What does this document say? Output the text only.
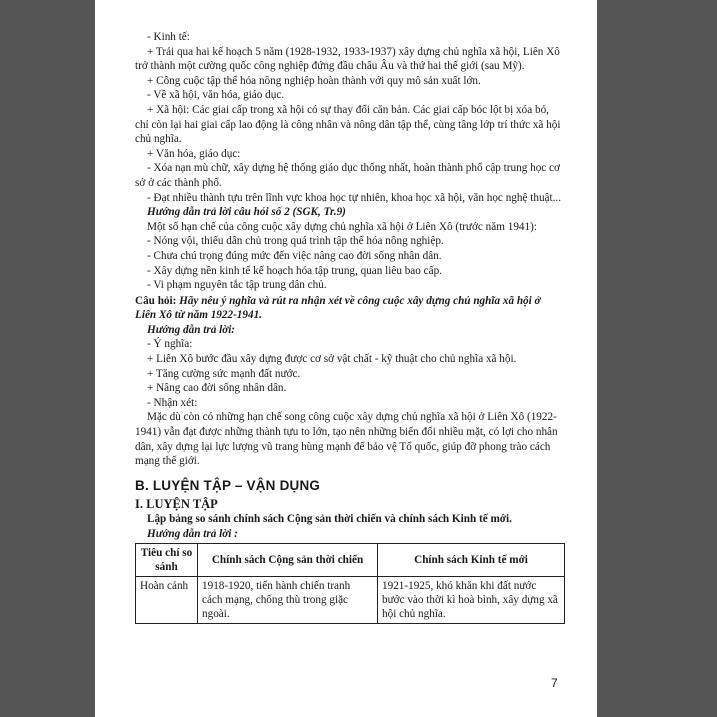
- Kinh tế:

+ Trải qua hai kế hoạch 5 năm (1928-1932, 1933-1937) xây dựng chủ nghĩa xã hội, Liên Xô trở thành một cường quốc công nghiệp đứng đầu châu Âu và thứ hai thế giới (sau Mỹ).

+ Công cuộc tập thể hóa nông nghiệp hoàn thành với quy mô sản xuất lớn.

- Về xã hội, văn hóa, giáo dục.

+ Xã hội: Các giai cấp trong xã hội có sự thay đổi căn bản. Các giai cấp bóc lột bị xóa bỏ, chỉ còn lại hai giai cấp lao động là công nhân và nông dân tập thể, cùng tầng lớp trí thức xã hội chủ nghĩa.

+ Văn hóa, giáo dục:

- Xóa nạn mù chữ, xây dựng hệ thống giáo dục thống nhất, hoàn thành phổ cập trung học cơ sở ở các thành phố.

- Đạt nhiều thành tựu trên lĩnh vực khoa học tự nhiên, khoa học xã hội, văn học nghệ thuật...

Hướng dẫn trả lời câu hỏi số 2 (SGK, Tr.9)

Một số hạn chế của công cuộc xây dựng chủ nghĩa xã hội ở Liên Xô (trước năm 1941):

- Nóng vội, thiếu dân chủ trong quá trình tập thể hóa nông nghiệp.

- Chưa chú trọng đúng mức đến việc nâng cao đời sống nhân dân.

- Xây dựng nền kinh tế kế hoạch hóa tập trung, quan liêu bao cấp.

- Vi phạm nguyên tắc tập trung dân chủ.

Câu hỏi: Hãy nêu ý nghĩa và rút ra nhận xét về công cuộc xây dựng chủ nghĩa xã hội ở Liên Xô từ năm 1922-1941.

Hướng dẫn trả lời:

- Ý nghĩa:

+ Liên Xô bước đầu xây dựng được cơ sở vật chất - kỹ thuật cho chủ nghĩa xã hội.

+ Tăng cường sức mạnh đất nước.

+ Nâng cao đời sống nhân dân.

- Nhận xét:

Mặc dù còn có những hạn chế song công cuộc xây dựng chủ nghĩa xã hội ở Liên Xô (1922-1941) vẫn đạt được những thành tựu to lớn, tạo nên những biến đổi nhiều mặt, có lợi cho nhân dân, xây dựng lại lực lượng vũ trang hùng mạnh để bảo vệ Tổ quốc, giúp đỡ phong trào cách mạng thế giới.

B. LUYỆN TẬP – VẬN DỤNG

I. LUYỆN TẬP

Lập bảng so sánh chính sách Cộng sản thời chiến và chính sách Kinh tế mới.

Hướng dẫn trả lời :

Tiêu chí so sánh	Chính sách Cộng sản thời chiến	Chính sách Kinh tế mới
Hoàn cảnh	1918-1920, tiến hành chiến tranh cách mạng, chống thù trong giặc ngoài.	1921-1925, khó khăn khi đất nước bước vào thời kì hoà bình, xây dựng xã hội chủ nghĩa.
7
